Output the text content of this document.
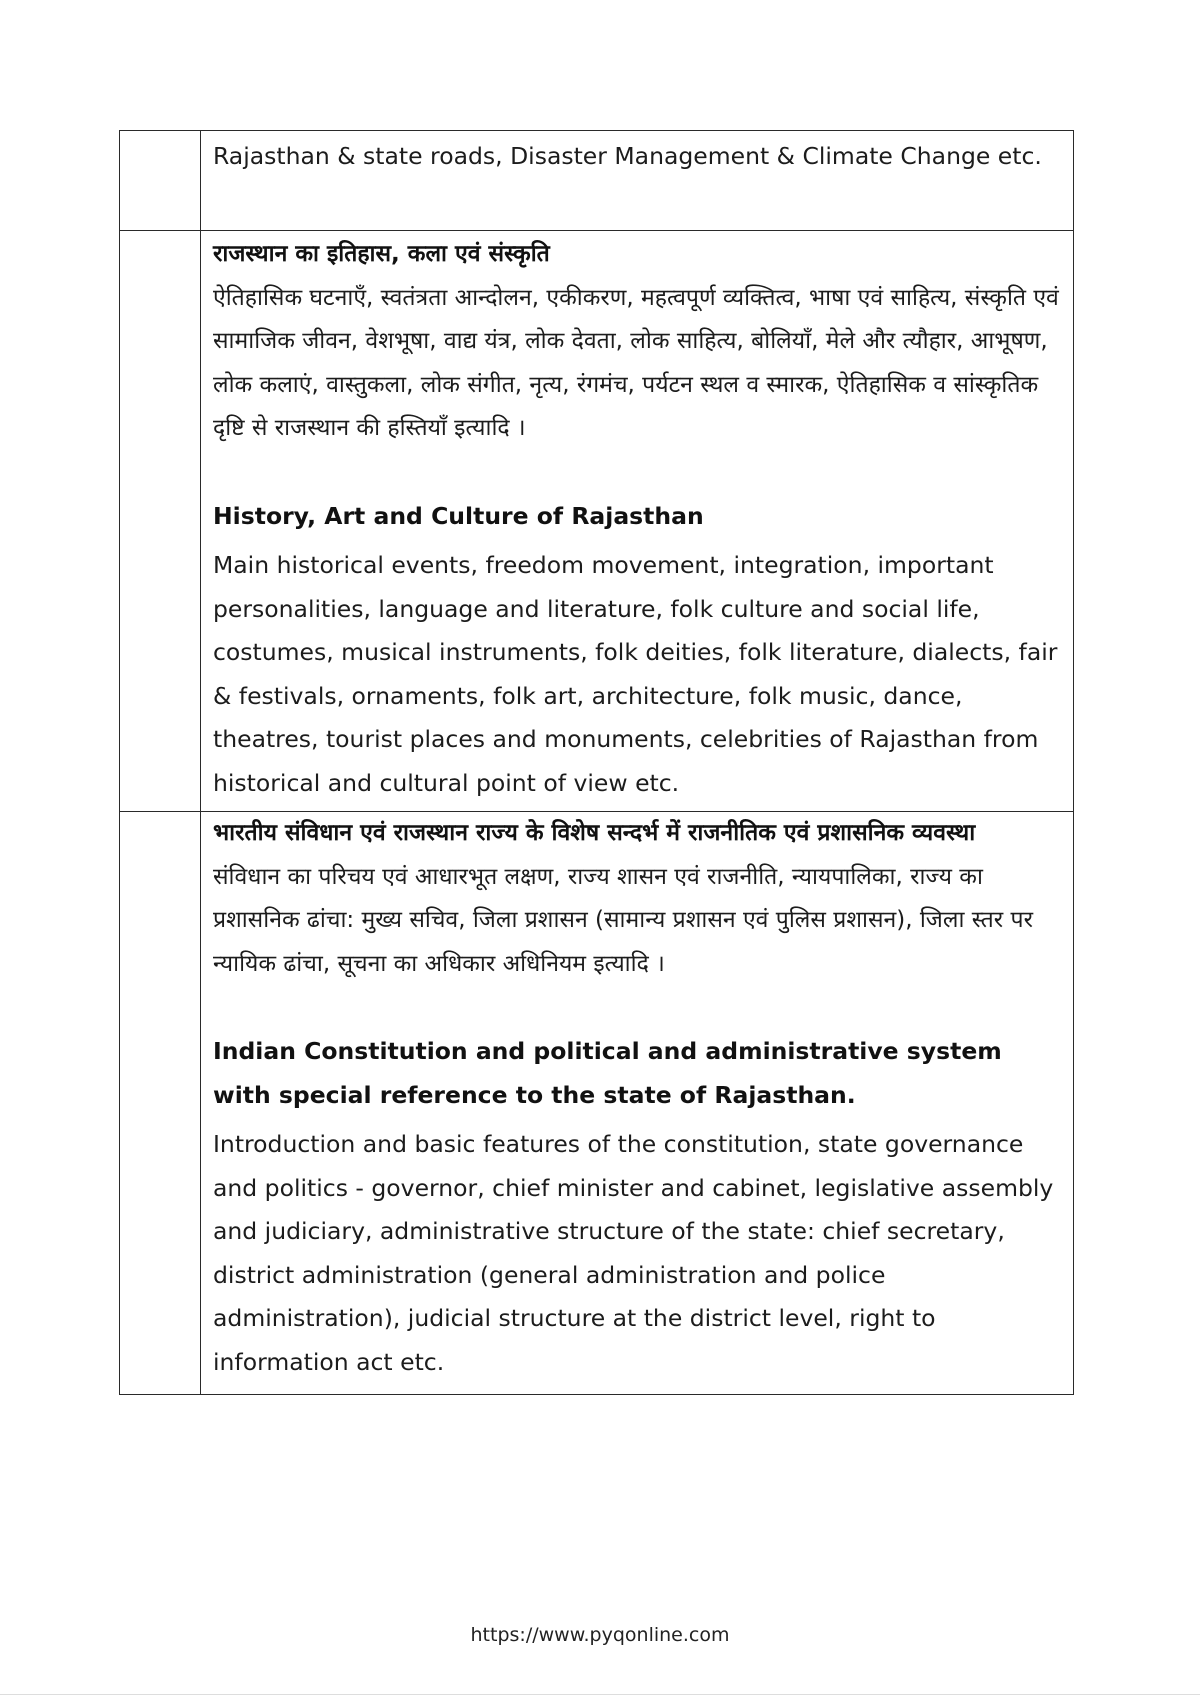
	Rajasthan & state roads, Disaster Management & Climate Change etc.

	राजस्थान का इतिहास, कला एवं संस्कृति

ऐतिहासिक घटनाएँ, स्वतंत्रता आन्दोलन, एकीकरण, महत्वपूर्ण व्यक्तित्व, भाषा एवं साहित्य, संस्कृति एवं सामाजिक जीवन, वेशभूषा, वाद्य यंत्र, लोक देवता, लोक साहित्य, बोलियाँ, मेले और त्यौहार, आभूषण, लोक कलाएं, वास्तुकला, लोक संगीत, नृत्य, रंगमंच, पर्यटन स्थल व स्मारक, ऐतिहासिक व सांस्कृतिक दृष्टि से राजस्थान की हस्तियाँ इत्यादि ।

History, Art and Culture of Rajasthan

Main historical events, freedom movement, integration, important personalities, language and literature, folk culture and social life, costumes, musical instruments, folk deities, folk literature, dialects, fair & festivals, ornaments, folk art, architecture, folk music, dance, theatres, tourist places and monuments, celebrities of Rajasthan from historical and cultural point of view etc.

	भारतीय संविधान एवं राजस्थान राज्य के विशेष सन्दर्भ में राजनीतिक एवं प्रशासनिक व्यवस्था

संविधान का परिचय एवं आधारभूत लक्षण, राज्य शासन एवं राजनीति, न्यायपालिका, राज्य का प्रशासनिक ढांचा: मुख्य सचिव, जिला प्रशासन (सामान्य प्रशासन एवं पुलिस प्रशासन), जिला स्तर पर न्यायिक ढांचा, सूचना का अधिकार अधिनियम इत्यादि ।

Indian Constitution and political and administrative system with special reference to the state of Rajasthan.

Introduction and basic features of the constitution, state governance and politics - governor, chief minister and cabinet, legislative assembly and judiciary, administrative structure of the state: chief secretary, district administration (general administration and police administration), judicial structure at the district level, right to information act etc.

https://www.pyqonline.com
